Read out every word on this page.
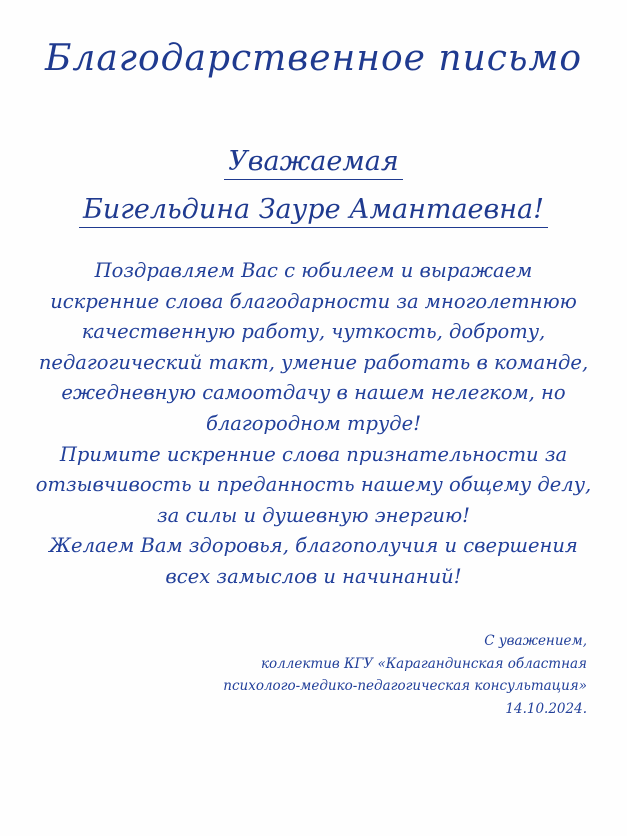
Благодарственное письмо
Уважаемая
Бигельдина Зауре Амантаевна!
Поздравляем Вас с юбилеем и выражаем
искренние слова благодарности за многолетнюю
качественную работу, чуткость, доброту,
педагогический такт, умение работать в команде,
ежедневную самоотдачу в нашем нелегком, но
благородном труде!
Примите искренние слова признательности за
отзывчивость и преданность нашему общему делу,
за силы и душевную энергию!
Желаем Вам здоровья, благополучия и свершения
всех замыслов и начинаний!
С уважением,
коллектив КГУ «Карагандинская областная
психолого-медико-педагогическая консультация»
14.10.2024.
